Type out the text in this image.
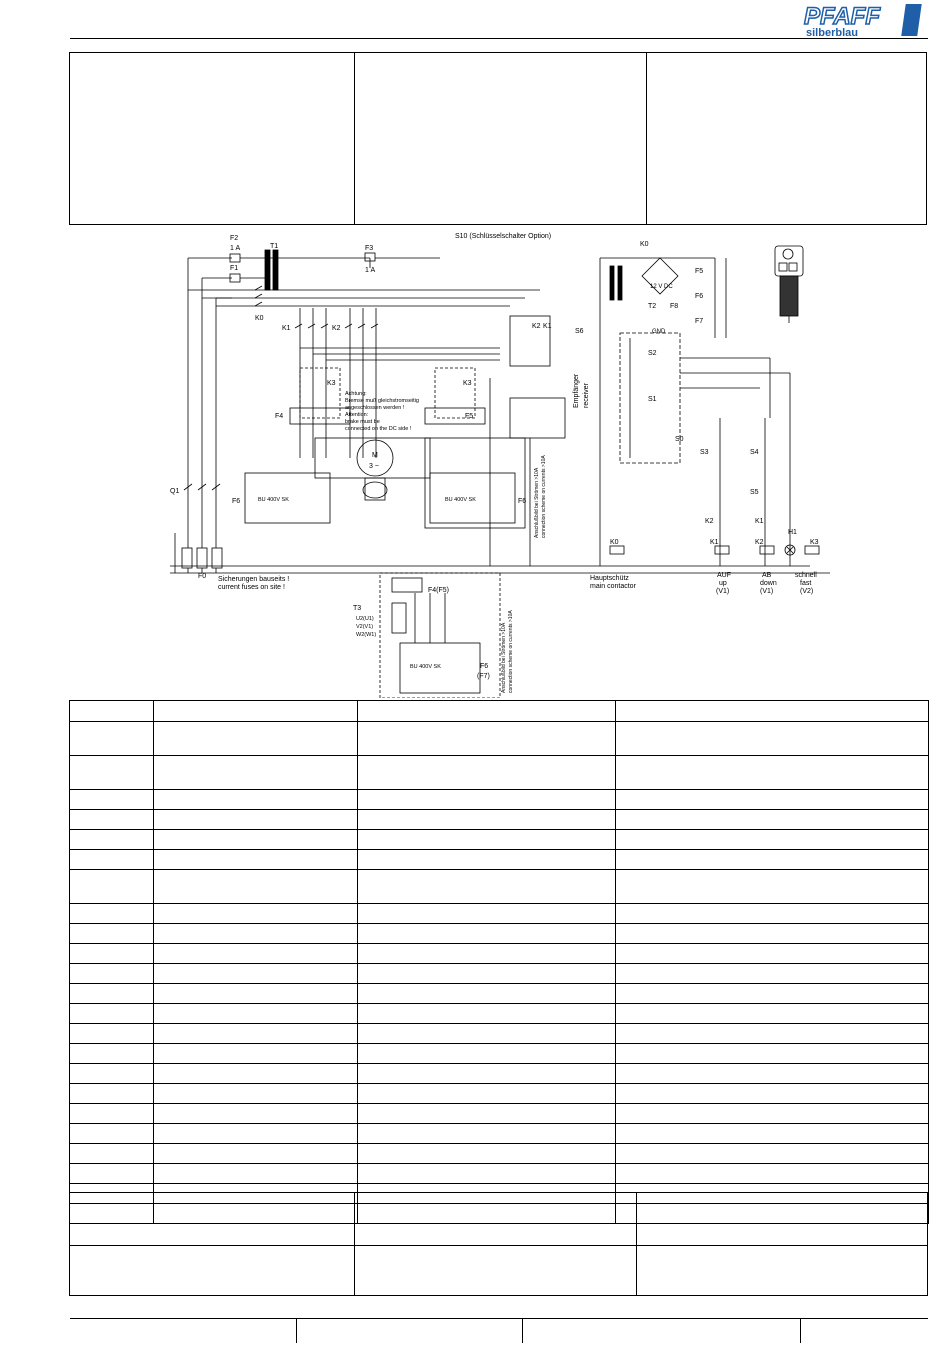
PFAFF
silberblau
F2
1 A
F1
T1	F3
1 A
S10 (Schlüsselschalter Option)
K0
K0
K1	K2
K3	K3
Achtung:
Bremse muß gleichstromseitig
angeschlossen werden !
Attention:
brake must be
connected on the DC side !
F4	F5
M
3 ~
F6	F6
BU 400V SK	BU 400V SK
Q1
F0 Sicherungen bauseits !
current fuses on site !
Hauptschütz
main contactor
K0	K1	K2	K3
H1
AUF
up
(V1)
AB
down
(V1)
schnell
fast
(V2)
T2
F5
F6
F7
F8
12 V DC
GND
S6
S2
S1
S0
S3	S4
S5
K2	K1
K2 K1
T3
F4(F5)
F6
(F7)
BU 400V SK
U2(U1)
V2(V1)
W2(W1)
Empfänger receiver
Anschlußbild bei Strömen >10A connection scheme on currents >10A
Anschlußbild bei Strömen >10A connection scheme on currents >10A
